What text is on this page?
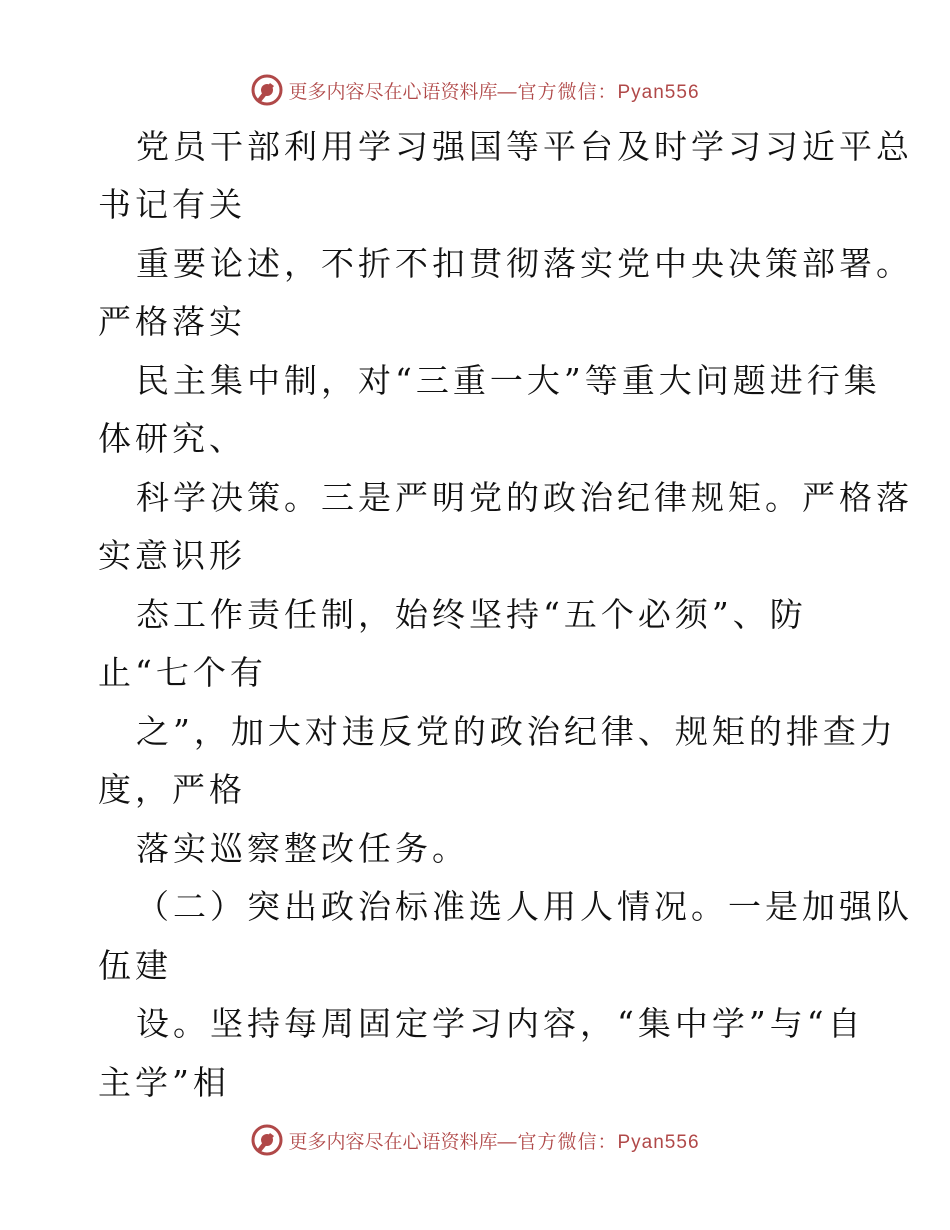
更多内容尽在心语资料库 —官方微信：Pyan556
党员干部利用学习强国等平台及时学习习近平总
书记有关
重要论述，不折不扣贯彻落实党中央决策部署。
严格落实
民主集中制，对“三重一大”等重大问题进行集
体研究、
科学决策。三是严明党的政治纪律规矩。严格落
实意识形
态工作责任制，始终坚持“五个必须”、防
止“七个有
之”，加大对违反党的政治纪律、规矩的排查力
度，严格
落实巡察整改任务。
（二）突出政治标准选人用人情况。一是加强队
伍建
设。坚持每周固定学习内容，“集中学”与“自
主学”相
更多内容尽在心语资料库 —官方微信：Pyan556
